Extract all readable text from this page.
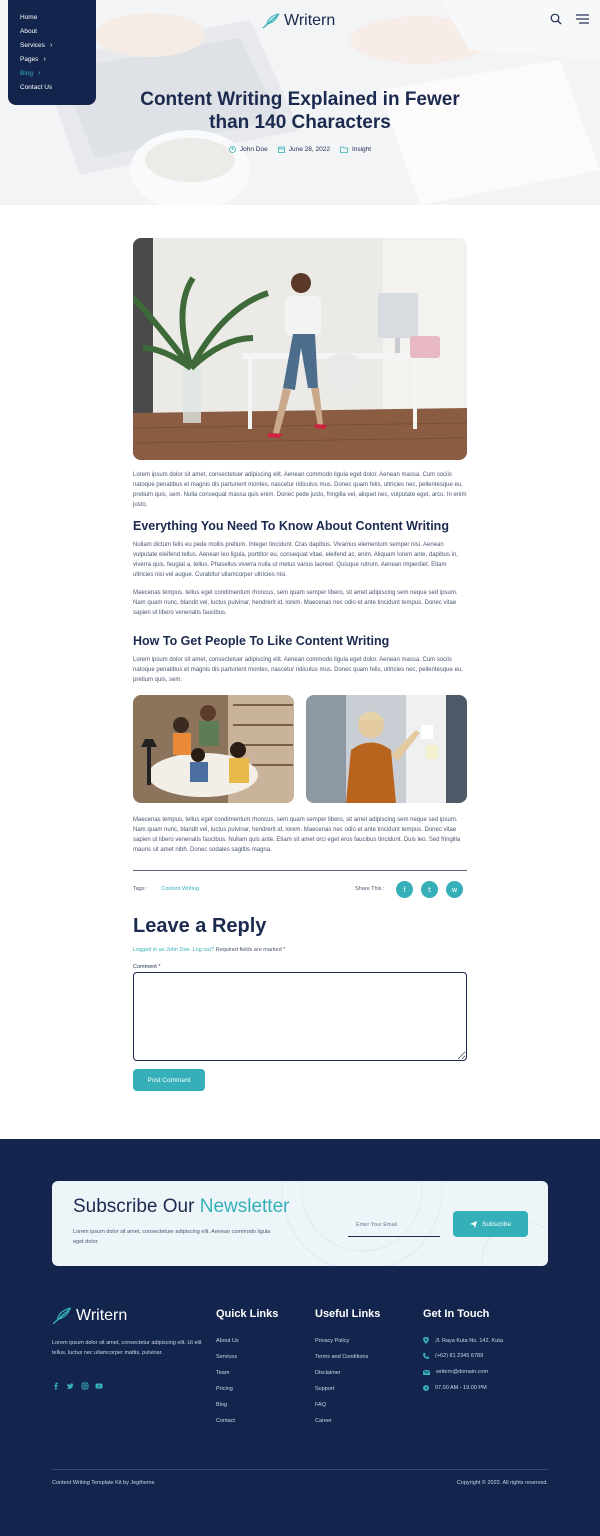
Home
About
Services ›
Pages ›
Blog ›
Contact Us
Writern
Content Writing Explained in Fewer
than 140 Characters
John Doe	June 28, 2022	Insight

Lorem ipsum dolor sit amet, consectetuer adipiscing elit. Aenean commodo ligula eget dolor. Aenean massa. Cum sociis natoque penatibus et magnis dis parturient montes, nascetur ridiculus mus. Donec quam felis, ultricies nec, pellentesque eu, pretium quis, sem. Nulla consequat massa quis enim. Donec pede justo, fringilla vel, aliquet nec, vulputate eget, arcu. In enim justo.

Everything You Need To Know About Content Writing

Nullam dictum felis eu pede mollis pretium. Integer tincidunt. Cras dapibus. Vivamus elementum semper nisi. Aenean vulputate eleifend tellus. Aenean leo ligula, porttitor eu, consequat vitae, eleifend ac, enim. Aliquam lorem ante, dapibus in, viverra quis, feugiat a, tellus. Phasellus viverra nulla ut metus varius laoreet. Quisque rutrum. Aenean imperdiet. Etiam ultricies nisi vel augue. Curabitur ullamcorper ultricies nisi.

Maecenas tempus, tellus eget condimentum rhoncus, sem quam semper libero, sit amet adipiscing sem neque sed ipsum. Nam quam nunc, blandit vel, luctus pulvinar, hendrerit id, lorem. Maecenas nec odio et ante tincidunt tempus. Donec vitae sapien ut libero venenatis faucibus.

How To Get People To Like Content Writing

Lorem ipsum dolor sit amet, consectetuer adipiscing elit. Aenean commodo ligula eget dolor. Aenean massa. Cum sociis natoque penatibus et magnis dis parturient montes, nascetur ridiculus mus. Donec quam felis, ultricies nec, pellentesque eu, pretium quis, sem.

Maecenas tempus, tellus eget condimentum rhoncus, sem quam semper libero, sit amet adipiscing sem neque sed ipsum. Nam quam nunc, blandit vel, luctus pulvinar, hendrerit id, lorem. Maecenas nec odio et ante tincidunt tempus. Donec vitae sapien ut libero venenatis faucibus. Nullam quis ante. Etiam sit amet orci eget eros faucibus tincidunt. Duis leo. Sed fringilla mauris sit amet nibh. Donec sodales sagittis magna.

Tags : Content Writing	Share This :	f	t	w
Leave a Reply
Logged in as John Doe. Log out? Required fields are marked *
Comment *
Post Comment
Subscribe Our Newsletter

Lorem ipsum dolor sit amet, consectetuer adipiscing elit. Aenean commodo ligula eget dolor.

Enter Your Email
Subscribe
Writern

Lorem ipsum dolor sit amet, consectetur adipiscing elit. Ut elit tellus, luctus nec ullamcorper mattis, pulvinar.

Quick Links
About Us
Services
Team
Pricing
Blog
Contact
Useful Links
Privacy Policy
Terms and Conditions
Disclaimer
Support
FAQ
Career
Get In Touch
Jl. Raya Kuta No. 142, Kuta
(+62) 81 2345 6789
writern@domain.com
07.00 AM - 19.00 PM
Content Writing Template Kit by Jegtheme	Copyright © 2022. All rights reserved.
